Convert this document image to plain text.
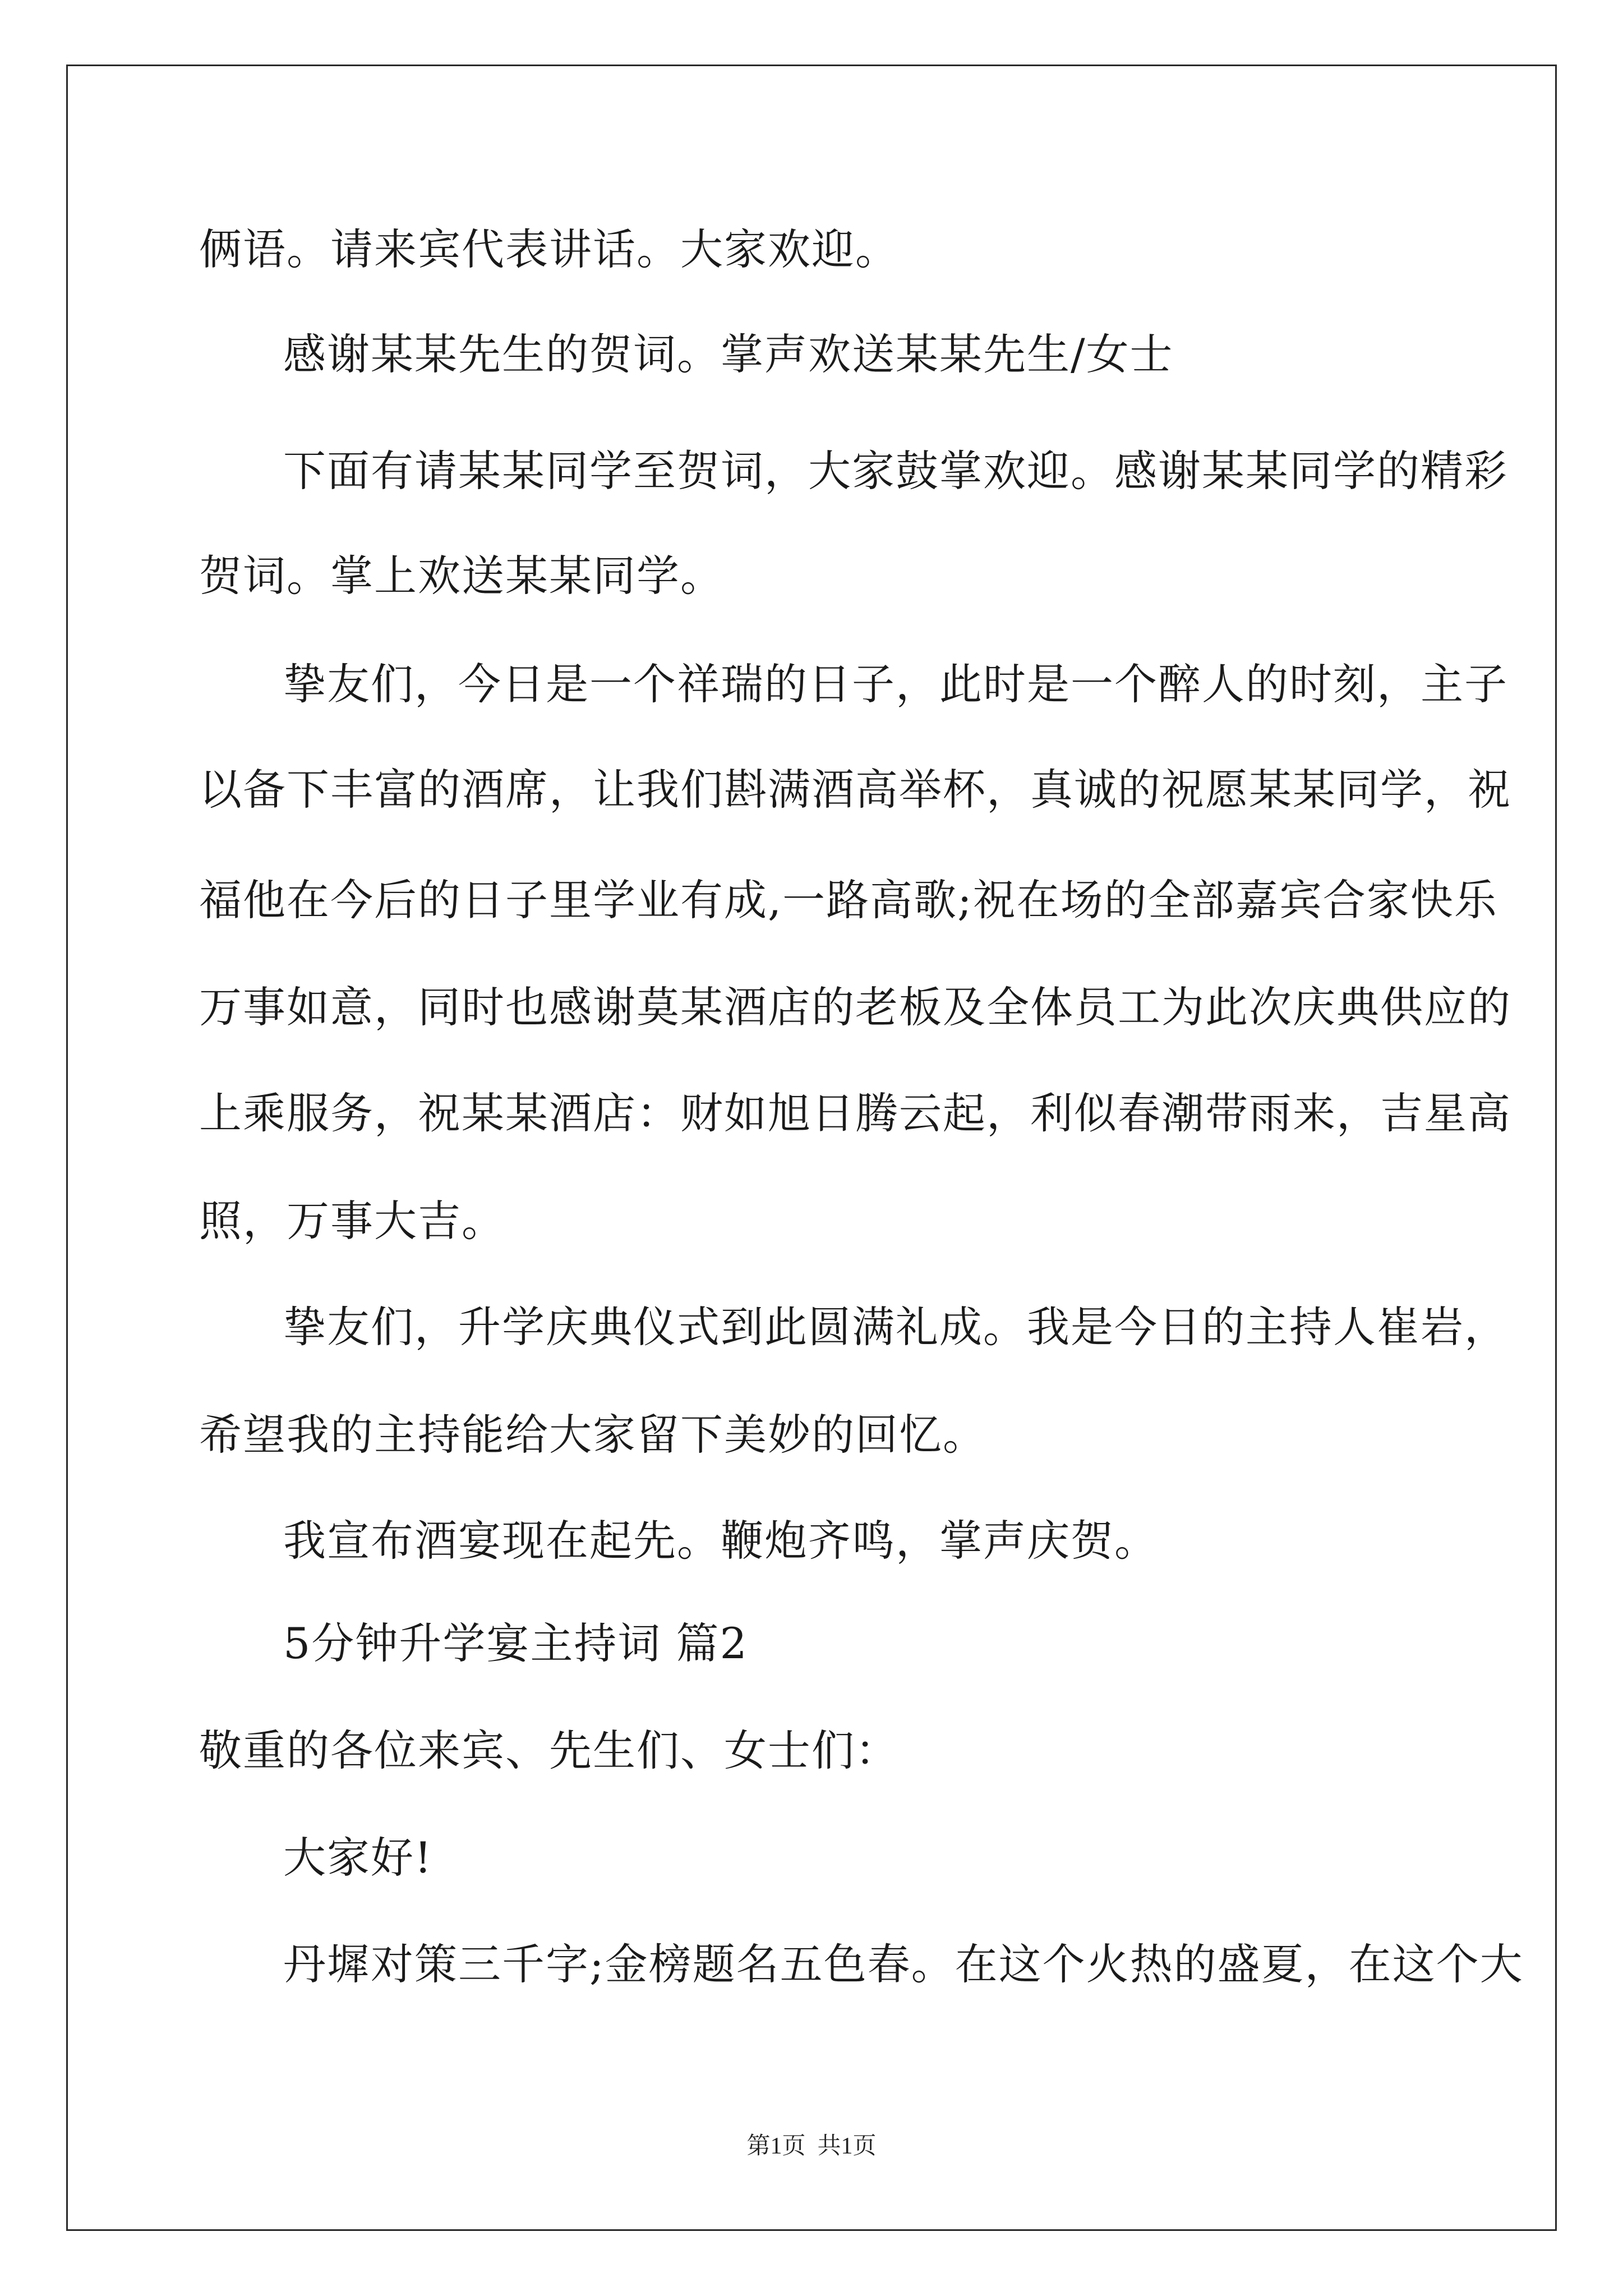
俩语。请来宾代表讲话。大家欢迎。
感谢某某先生的贺词。掌声欢送某某先生/女士
下面有请某某同学至贺词，大家鼓掌欢迎。感谢某某同学的精彩
贺词。掌上欢送某某同学。
挚友们，今日是一个祥瑞的日子，此时是一个醉人的时刻，主子
以备下丰富的酒席，让我们斟满酒高举杯，真诚的祝愿某某同学，祝
福他在今后的日子里学业有成,一路高歌;祝在场的全部嘉宾合家快乐
万事如意，同时也感谢莫某酒店的老板及全体员工为此次庆典供应的
上乘服务，祝某某酒店：财如旭日腾云起，利似春潮带雨来，吉星高
照，万事大吉。
挚友们，升学庆典仪式到此圆满礼成。我是今日的主持人崔岩，
希望我的主持能给大家留下美妙的回忆。
我宣布酒宴现在起先。鞭炮齐鸣，掌声庆贺。
5分钟升学宴主持词 篇2
敬重的各位来宾、先生们、女士们：
大家好!
丹墀对策三千字;金榜题名五色春。在这个火热的盛夏，在这个大
第1页  共1页
